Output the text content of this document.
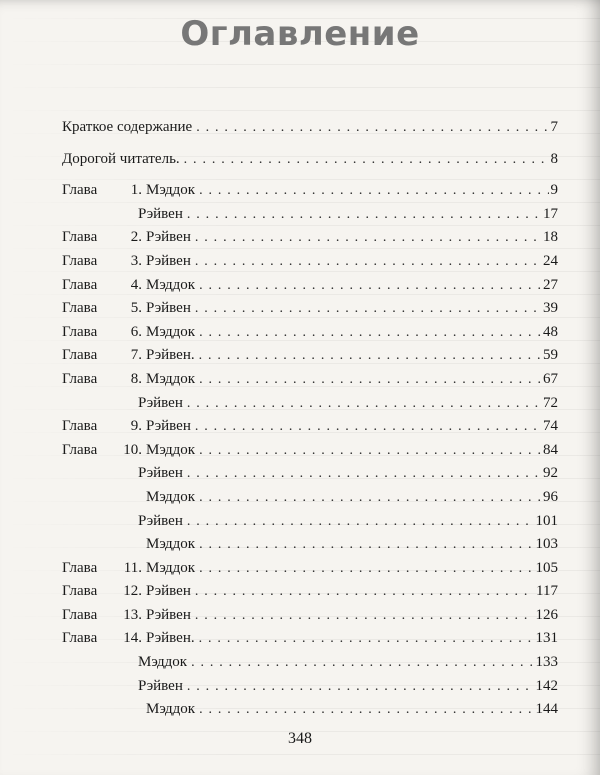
Оглавление
Краткое содержание . . .	7
Дорогой читатель. . . .	8
Глава	1. Мэддок . . .	9
Рэйвен . . .	17
Глава	2. Рэйвен . . .	18
Глава	3. Рэйвен . . .	24
Глава	4. Мэддок . . .	27
Глава	5. Рэйвен . . .	39
Глава	6. Мэддок . . .	48
Глава	7. Рэйвен. . . .	59
Глава	8. Мэддок . . .	67
Рэйвен . . .	72
Глава	9. Рэйвен . . .	74
Глава	10. Мэддок . . .	84
Рэйвен . . .	92
Мэддок . . .	96
Рэйвен . . .	101
Мэддок . . .	103
Глава	11. Мэддок . . .	105
Глава	12. Рэйвен . . .	117
Глава	13. Рэйвен . . .	126
Глава	14. Рэйвен. . . .	131
Мэддок . . .	133
Рэйвен . . .	142
Мэддок . . .	144
348
